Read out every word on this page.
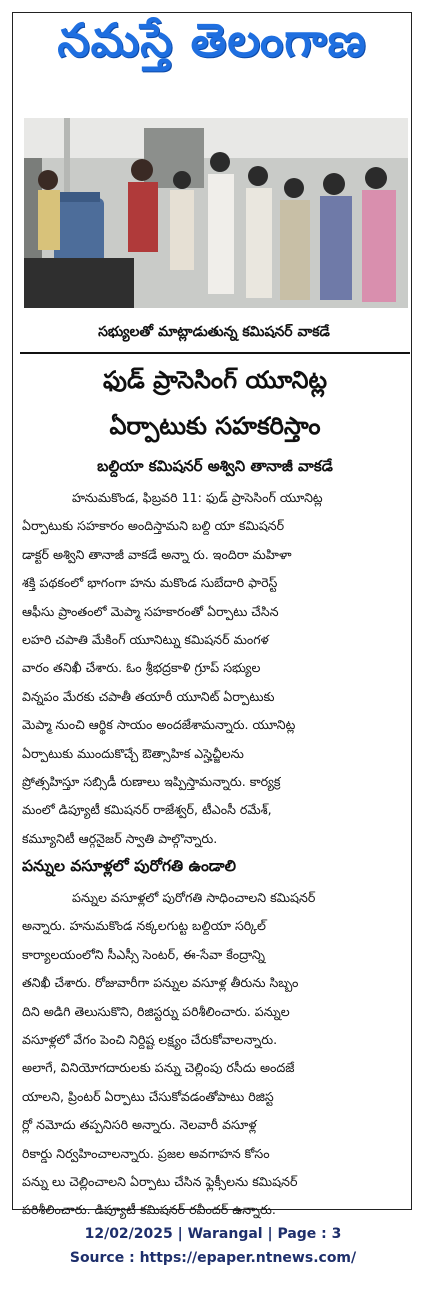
నమస్తే తెలంగాణ
సభ్యులతో మాట్లాడుతున్న కమిషనర్ వాకడే
ఫుడ్ ప్రాసెసింగ్ యూనిట్ల
ఏర్పాటుకు సహకరిస్తాం
బల్దియా కమిషనర్ అశ్విని తానాజీ వాకడే
హనుమకొండ, ఫిబ్రవరి 11: ఫుడ్ ప్రాసెసింగ్ యూనిట్ల
ఏర్పాటుకు సహకారం అందిస్తామని బల్ది యా కమిషనర్
డాక్టర్ అశ్విని తానాజీ వాకడే అన్నా రు. ఇందిరా మహిళా
శక్తి పథకంలో భాగంగా హను మకొండ సుబేదారి ఫారెస్ట్
ఆఫీసు ప్రాంతంలో మెప్మా సహకారంతో ఏర్పాటు చేసిన
లహరి చపాతి మేకింగ్ యూనిట్ను కమిషనర్ మంగళ
వారం తనిఖీ చేశారు. ఓం శ్రీభద్రకాళి గ్రూప్ సభ్యుల
విన్నపం మేరకు చపాతీ తయారీ యూనిట్ ఏర్పాటుకు
మెప్మా నుంచి ఆర్థిక సాయం అందజేశామన్నారు. యూనిట్ల
ఏర్పాటుకు ముందుకొచ్చే ఔత్సాహిక ఎస్హెచ్జీలను
ప్రోత్సహిస్తూ సబ్సిడీ రుణాలు ఇప్పిస్తామన్నారు. కార్యక్ర
మంలో డిప్యూటీ కమిషనర్ రాజేశ్వర్, టీఎంసీ రమేశ్,
కమ్యూనిటీ ఆర్గనైజర్ స్వాతి పాల్గొన్నారు.
పన్నుల వసూళ్లలో పురోగతి ఉండాలి
పన్నుల వసూళ్లలో పురోగతి సాధించాలని కమిషనర్
అన్నారు. హనుమకొండ నక్కలగుట్ట బల్దియా సర్కిల్
కార్యాలయంలోని సీఎస్సీ సెంటర్, ఈ-సేవా కేంద్రాన్ని
తనిఖీ చేశారు. రోజువారీగా పన్నుల వసూళ్ల తీరును సిబ్బం
దిని అడిగి తెలుసుకొని, రిజిస్టర్ను పరిశీలించారు. పన్నుల
వసూళ్లలో వేగం పెంచి నిర్దిష్ట లక్ష్యం చేరుకోవాలన్నారు.
అలాగే, వినియోగదారులకు పన్ను చెల్లింపు రసీదు అందజే
యాలని, ప్రింటర్ ఏర్పాటు చేసుకోవడంతోపాటు రిజిస్ట
ర్లో నమోదు తప్పనిసరి అన్నారు. నెలవారీ వసూళ్ల
రికార్డు నిర్వహించాలన్నారు. ప్రజల అవగాహన కోసం
పన్ను లు చెల్లించాలని ఏర్పాటు చేసిన ఫ్లెక్సీలను కమిషనర్
పరిశీలించారు. డిప్యూటీ కమిషనర్ రవీందర్ ఉన్నారు.
12/02/2025 | Warangal | Page : 3
Source : https://epaper.ntnews.com/
